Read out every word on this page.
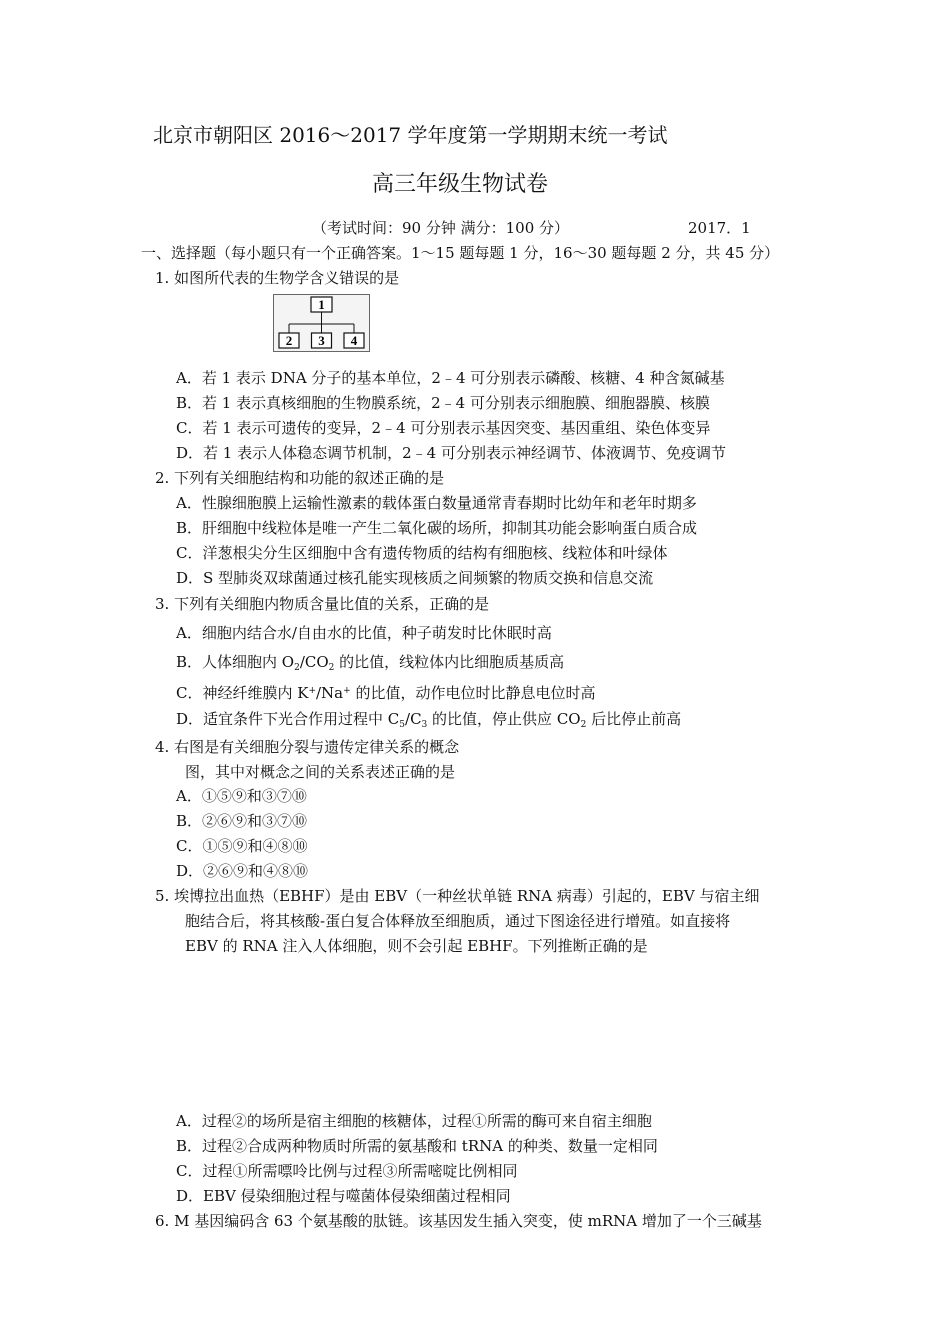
北京市朝阳区 2016～2017 学年度第一学期期末统一考试
高三年级生物试卷
（考试时间：90 分钟 满分：100 分）	2017．1
一、选择题（每小题只有一个正确答案。1～15 题每题 1 分，16～30 题每题 2 分，共 45 分）
1. 如图所代表的生物学含义错误的是
1
2 3 4
A．若 1 表示 DNA 分子的基本单位，2﹣4 可分别表示磷酸、核糖、4 种含氮碱基
B．若 1 表示真核细胞的生物膜系统，2﹣4 可分别表示细胞膜、细胞器膜、核膜
C．若 1 表示可遗传的变异，2﹣4 可分别表示基因突变、基因重组、染色体变异
D．若 1 表示人体稳态调节机制，2﹣4 可分别表示神经调节、体液调节、免疫调节
2. 下列有关细胞结构和功能的叙述正确的是
A．性腺细胞膜上运输性激素的载体蛋白数量通常青春期时比幼年和老年时期多
B．肝细胞中线粒体是唯一产生二氧化碳的场所，抑制其功能会影响蛋白质合成
C．洋葱根尖分生区细胞中含有遗传物质的结构有细胞核、线粒体和叶绿体
D．S 型肺炎双球菌通过核孔能实现核质之间频繁的物质交换和信息交流
3. 下列有关细胞内物质含量比值的关系，正确的是
A．细胞内结合水/自由水的比值，种子萌发时比休眠时高
B．人体细胞内 $O_2/CO_2$ 的比值，线粒体内比细胞质基质高
C．神经纤维膜内 K+/Na+ 的比值，动作电位时比静息电位时高
D．适宜条件下光合作用过程中 $C_5/C_3$ 的比值，停止供应 $CO_2$ 后比停止前高
4. 右图是有关细胞分裂与遗传定律关系的概念
图，其中对概念之间的关系表述正确的是
A．①⑤⑨和③⑦⑩
B．②⑥⑨和③⑦⑩
C．①⑤⑨和④⑧⑩
D．②⑥⑨和④⑧⑩
5. 埃博拉出血热（EBHF）是由 EBV（一种丝状单链 RNA 病毒）引起的，EBV 与宿主细
胞结合后，将其核酸-蛋白复合体释放至细胞质，通过下图途径进行增殖。如直接将
EBV 的 RNA 注入人体细胞，则不会引起 EBHF。下列推断正确的是
A．过程②的场所是宿主细胞的核糖体，过程①所需的酶可来自宿主细胞
B．过程②合成两种物质时所需的氨基酸和 tRNA 的种类、数量一定相同
C．过程①所需嘌呤比例与过程③所需嘧啶比例相同
D．EBV 侵染细胞过程与噬菌体侵染细菌过程相同
6. M 基因编码含 63 个氨基酸的肽链。该基因发生插入突变，使 mRNA 增加了一个三碱基
